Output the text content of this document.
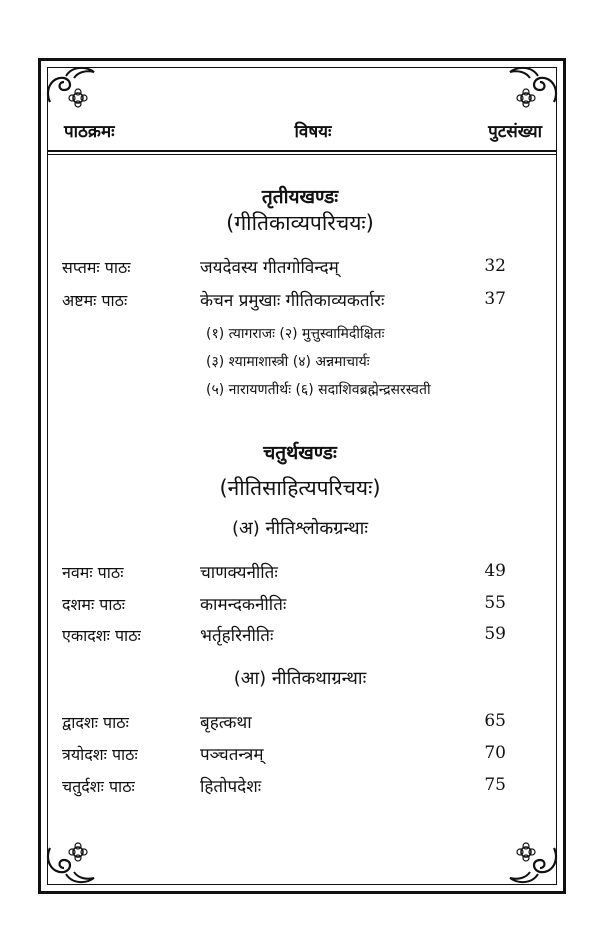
पाठक्रमः	विषयः	पुटसंख्या
तृतीयखण्डः
(गीतिकाव्यपरिचयः)
सप्तमः पाठः	जयदेवस्य गीतगोविन्दम्	32
अष्टमः पाठः	केचन प्रमुखाः गीतिकाव्यकर्तारः	37
(१) त्यागराजः (२) मुत्तुस्वामिदीक्षितः
(३) श्यामाशास्त्री (४) अन्नमाचार्यः
(५) नारायणतीर्थः (६) सदाशिवब्रह्मेन्द्रसरस्वती
चतुर्थखण्डः
(नीतिसाहित्यपरिचयः)
(अ) नीतिश्लोकग्रन्थाः
नवमः पाठः	चाणक्यनीतिः	49
दशमः पाठः	कामन्दकनीतिः	55
एकादशः पाठः	भर्तृहरिनीतिः	59
(आ) नीतिकथाग्रन्थाः
द्वादशः पाठः	बृहत्कथा	65
त्रयोदशः पाठः	पञ्चतन्त्रम्	70
चतुर्दशः पाठः	हितोपदेशः	75
